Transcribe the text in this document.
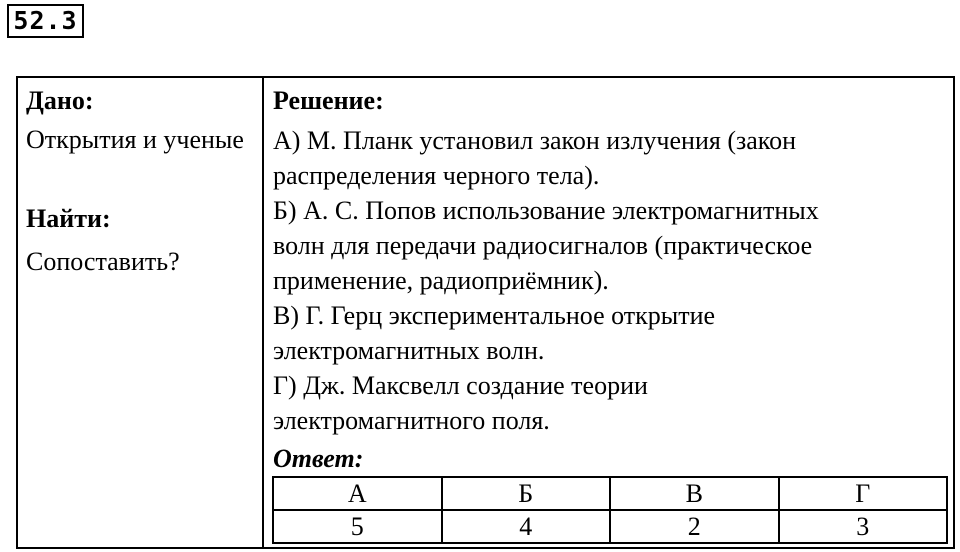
52.3
Дано:
Открытия и ученые
Найти:
Сопоставить?
Решение:
А) М. Планк установил закон излучения (закон
распределения черного тела).
Б) А. С. Попов использование электромагнитных
волн для передачи радиосигналов (практическое
применение, радиоприёмник).
В) Г. Герц экспериментальное открытие
электромагнитных волн.
Г) Дж. Максвелл создание теории
электромагнитного поля.
Ответ:
А	Б	В	Г
5	4	2	3
